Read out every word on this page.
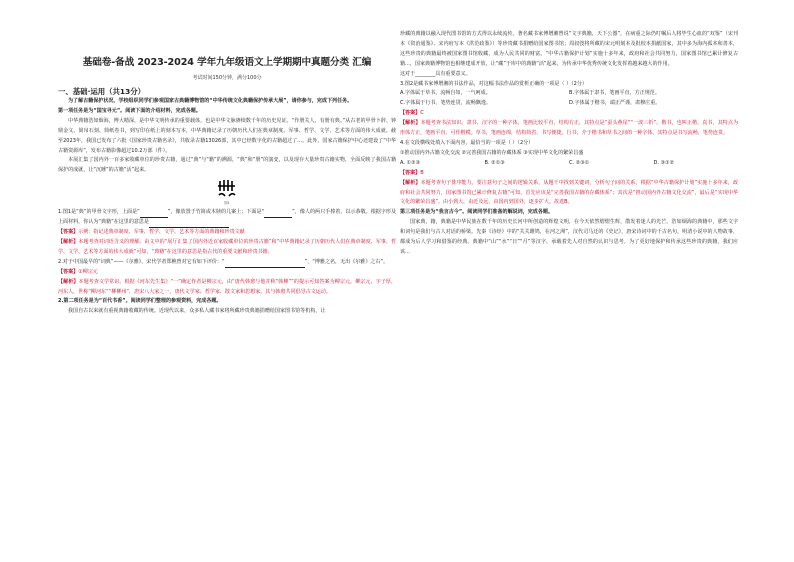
基础卷-备战 2023-2024 学年九年级语文上学期期中真题分类 汇编

考试时间150分钟，满分100分

一、基础·运用（共13分）

为了解古籍保护状况，学校组织同学们参观国家古典籍博物馆的“中华传统文化典籍保护传承大展”，请你参与，完成下列任务。

第一项任务是为“国宝寻元”。阅读下面的介绍材料，完成各题。

中华典籍浩如烟海，博大精深，是中华文明传承的重要载体，也是中华文脉赓续数千年的历史见证。“作册关人，有册有典。”从古老的甲骨卜辞、钟鼎金文、简帛石刻、简纸卷书，到写印在纸上的刻本写本，中华典籍记录了历朝历代人们在典章制度、军事、哲学、文学、艺术等方面的伟大成就。截至2023年，我国已发布了六批《国家珍贵古籍名录》，共收录古籍13026部，其中已经数字化的古籍超过了...。此外，国家古籍保护中心还建设了“中华古籍资源库”，发布古籍影像超过10.2万部（件）。

本展汇集了国内外一百多家收藏单位的珍贵古籍，通过“典”与“籍”的溯源，“典”和“册”的演变，以及现存大量珍贵古籍实物，全面反映了我国古籍保护的成就，让“沉睡”的古籍“活”起来。

图1

1.图1是“典”的甲骨文字形，上面是“	”，像放置于竹简或木牍的几案上；下面是“	”，像人的两只手捧着，以示恭敬。根据字形及上面材料，你认为“典籍”在这里的意思是

【答案】示例：指记述典章制度、军事、哲学、文学、艺术等方面的典籍和珍贵文献

【解析】本题考查对词语含义的理解。由文中的“展厅汇集了国内外近百家收藏单位的珍贵古籍”和“中华典籍记录了历朝历代人们在典章制度、军事、哲学、文学、艺术等方面的伟大成就”可知，“典籍”在这里的意思是指古代的重要文献和珍贵书籍。

2.对于中国最早的“词典”——《尔雅》，宋代学者郑樵曾对它有如下评价：“	”，“博雅之名，无出《尔雅》之右”。

【答案】①柳宗元

【解析】本题考查文学常识。根据《河东先生集》“一”确定作者是柳宗元，由“唐代韩愈与他并称“韩柳””的提示可知答案为柳宗元。柳宗元，字子厚，河东人，世称“柳河东”“柳柳州”，唐宋八大家之一，唐代文学家、哲学家、散文家和思想家。其与韩愈共同倡导古文运动。

2.第二项任务是为“百代书香”。阅读同学们整理的参观资料，完成各题。

我国自古以来就有重视典籍收藏的传统。近现代以来，众多私人藏书家将所藏珍贵典籍捐赠给国家图书馆等机构，让

珍藏的典籍以融入现代图书馆的方式得以永续流传。著名藏书家傅增湘曾说“文字典籍，天下公器”，在病重之际仍叮嘱后人将毕生心血的“双鉴”（宋刊本《资治通鉴》、宋内府写本《洪范政鉴》）等珍贵藏书捐赠给国家图书馆；周叔弢将所藏的宋元明刻本及批校本捐献国家，其中多为海内孤本和善本，这些珍贵的典籍最终被国家图书馆收藏，成为人民共同的财富。“中华古籍保护计划”实施十多年来，政府和社会共同努力，国家图书馆已累计修复古籍...，国家典籍博物馆也相继建成开放，让“藏”于库中的典籍“活”起来，为传承中华优秀传统文化发挥着越来越大的作用。

这对于________具有重要意义。

3.图2是藏书家傅增湘的书法作品，对这幅书法作品的赏析正确的一项是（ ）（2分）

A.字体属于草书，流畅自如，一气呵成。	B.字体属于隶书，笔画平直，方正规范。
C.字体属于行书，笔势连贯，流畅飘逸。	D.字体属于楷书，端正严谨，肃穆庄重。

【答案】C

【解析】本题考查书法知识。隶书，汉字的一种字体，笔画比较平直，结构方正，其特点是“蚕头燕尾”“一波三折”。楷书，也叫正楷、真书，其特点为形体方正，笔画平直，可作楷模。草书，笔画连绵，结构简省，书写便捷。行书，介于楷书和草书之间的一种字体，其特点是书写流畅，笔势连贯。

4.在文段横线处填入下面内容，最恰当的一项是（ ）（2分）

①推动国内外古籍文化交流 ②完善我国古籍的存藏体系 ③实现中华文化的繁荣昌盛

A. ①②③	B. ②①③	C. ②③①	D. ③①②

【答案】B

【解析】本题考查句子排序能力。要注意句子之间的逻辑关系，从题干中找到关键词，分析句子间的关系。根据“中华古籍保护计划”实施十多年来，政府和社会共同努力，国家图书馆已累计修复古籍”可知，首先应该是“完善我国古籍的存藏体系”；其次是“推动国内外古籍文化交流”，最后是“实现中华文化的繁荣昌盛”。由小到大，由近及远，由国内到国外，逐步扩大。故选B。

第三项任务是为“我言古今”。阅读同学们准备的解说词，完成各题。

国家典，籍，典籍是中华民族在数千年的历史长河中所创造的辉煌文明，在今天依然熠熠生辉，散发着迷人的光芒。浩如烟海的典籍中，那些文字和词句是我们与古人对话的桥梁。先秦《诗经》中的“关关雎鸠，在河之洲”，汉代司马迁的《史记》，唐宋诗词中的千古名句，明清小说中的人物故事，都成为后人学习和借鉴的经典。典籍中“山”“水”“日”“月”等汉字，承载着先人对自然的认识与思考。为了更好地保护和传承这些珍贵的典籍，我们应该...
